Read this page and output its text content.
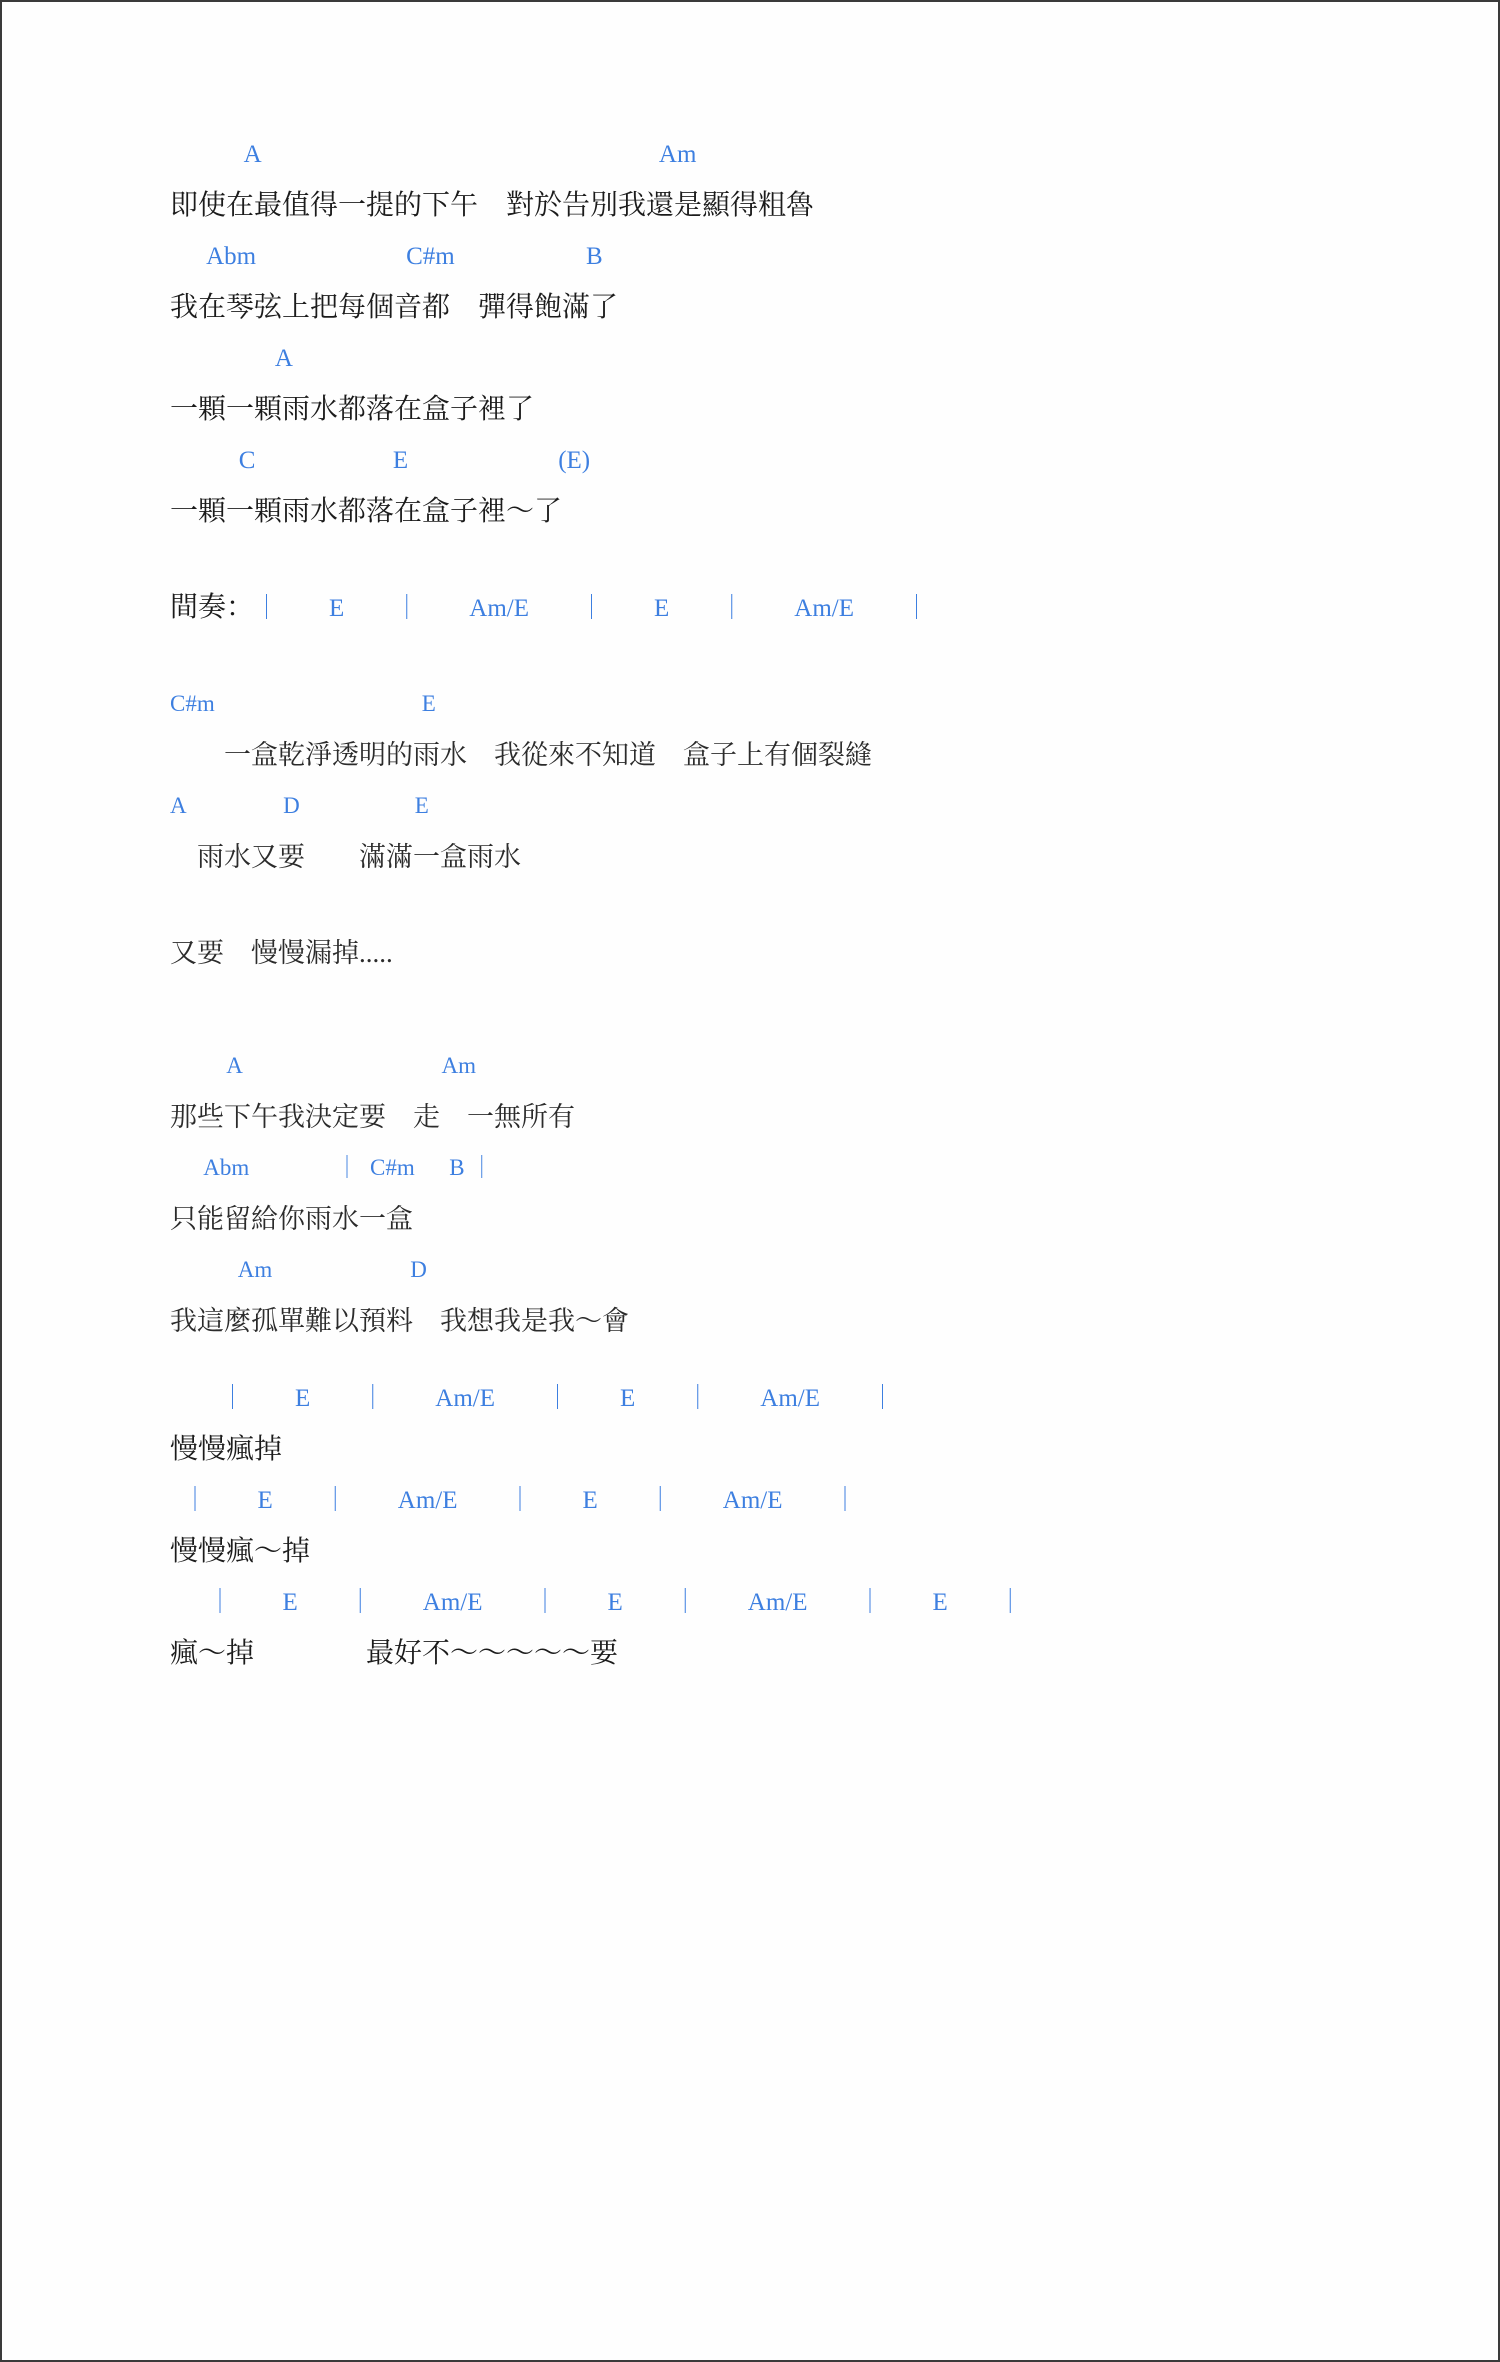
A                                                                Am
即使在最值得一提的下午　對於告別我還是顯得粗魯
Abm                        C#m                     B
我在琴弦上把每個音都　彈得飽滿了
A
一顆一顆雨水都落在盒子裡了
C                      E                        (E)
一顆一顆雨水都落在盒子裡～了
間奏：｜　　E　　｜　　Am/E　　｜　　E　　｜　　Am/E　　｜
C#m                                    E
　　一盒乾淨透明的雨水　我從來不知道　盒子上有個裂縫
A                 D                    E
　雨水又要　　滿滿一盒雨水
又要　慢慢漏掉.....
A                                   Am
那些下午我決定要　走　一無所有
Abm               ｜  C#m      B ｜
只能留給你雨水一盒
Am                        D
我這麼孤單難以預料　我想我是我～會
｜　　E　　｜　　Am/E　　｜　　E　　｜　　Am/E　　｜
慢慢瘋掉
｜　　E　　｜　　Am/E　　｜　　E　　｜　　Am/E　　｜
慢慢瘋～掉
｜　　E　　｜　　Am/E　　｜　　E　　｜　　Am/E　　｜　　E　　｜
瘋～掉　　　　最好不～～～～～要
